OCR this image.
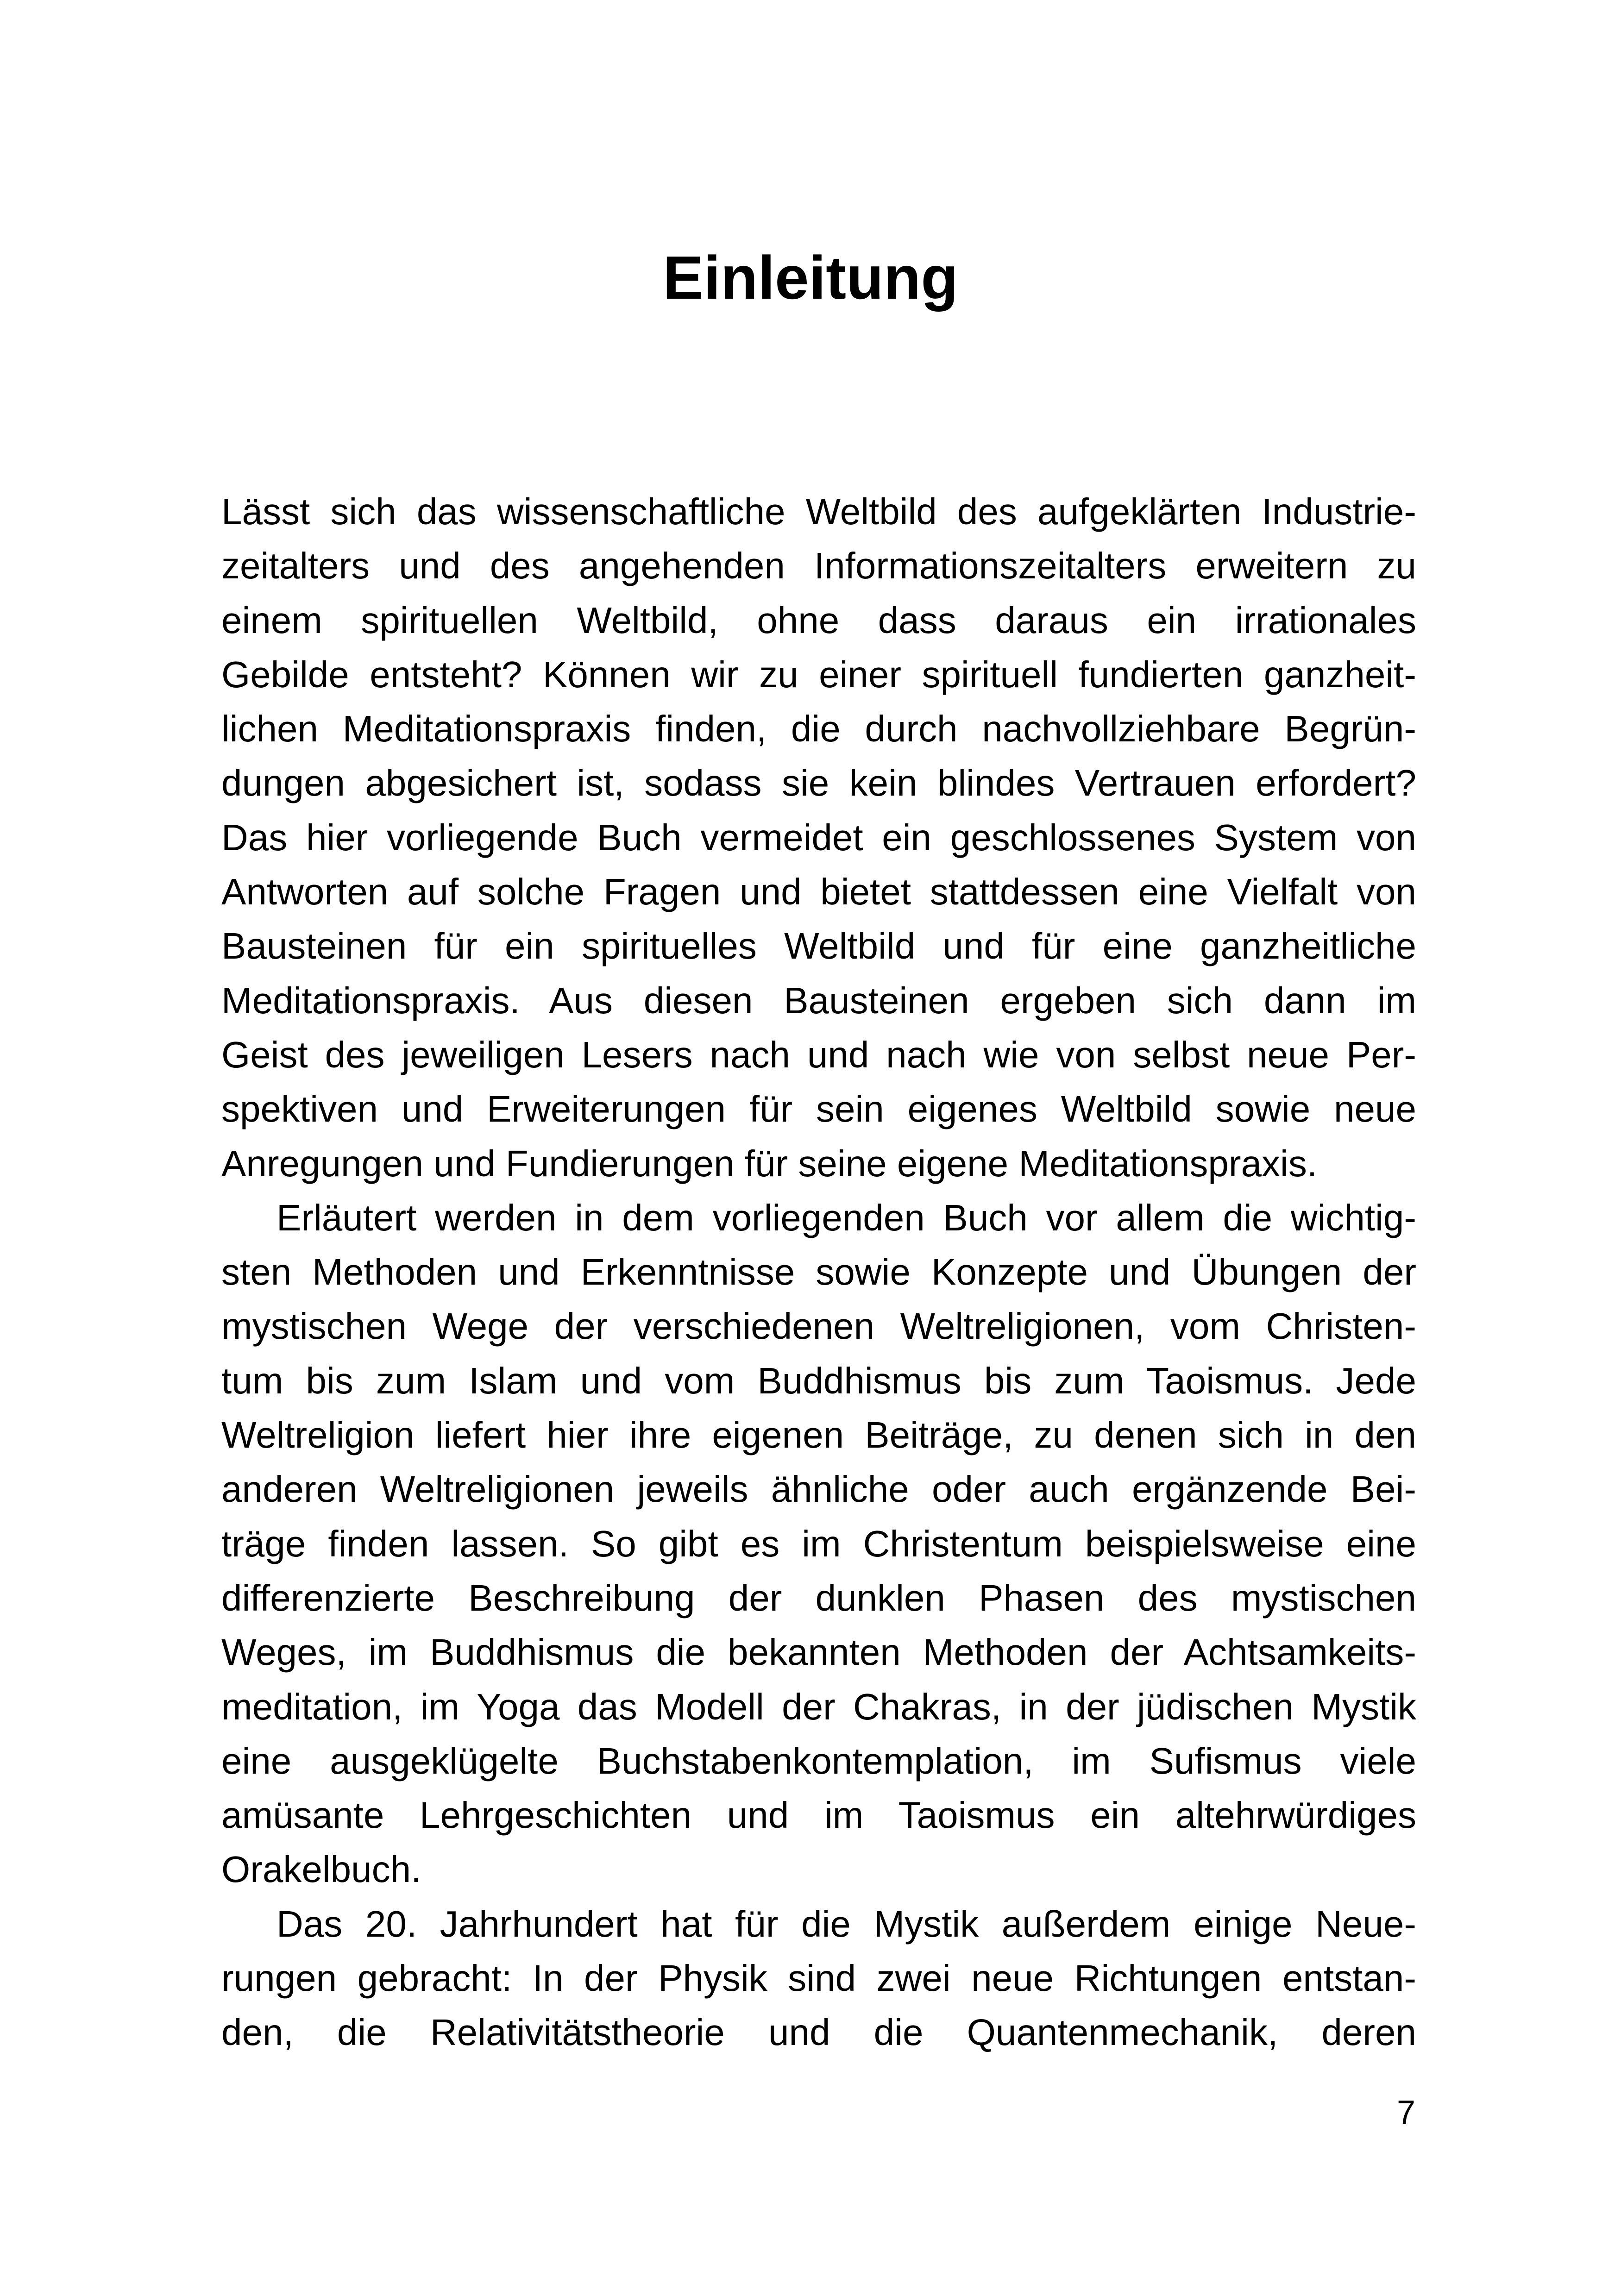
Einleitung
Lässt sich das wissenschaftliche Weltbild des aufgeklärten Industrie-
zeitalters und des angehenden Informationszeitalters erweitern zu
einem spirituellen Weltbild, ohne dass daraus ein irrationales
Gebilde entsteht? Können wir zu einer spirituell fundierten ganzheit-
lichen Meditationspraxis finden, die durch nachvollziehbare Begrün-
dungen abgesichert ist, sodass sie kein blindes Vertrauen erfordert?
Das hier vorliegende Buch vermeidet ein geschlossenes System von
Antworten auf solche Fragen und bietet stattdessen eine Vielfalt von
Bausteinen für ein spirituelles Weltbild und für eine ganzheitliche
Meditationspraxis. Aus diesen Bausteinen ergeben sich dann im
Geist des jeweiligen Lesers nach und nach wie von selbst neue Per-
spektiven und Erweiterungen für sein eigenes Weltbild sowie neue
Anregungen und Fundierungen für seine eigene Meditationspraxis.
Erläutert werden in dem vorliegenden Buch vor allem die wichtig-
sten Methoden und Erkenntnisse sowie Konzepte und Übungen der
mystischen Wege der verschiedenen Weltreligionen, vom Christen-
tum bis zum Islam und vom Buddhismus bis zum Taoismus. Jede
Weltreligion liefert hier ihre eigenen Beiträge, zu denen sich in den
anderen Weltreligionen jeweils ähnliche oder auch ergänzende Bei-
träge finden lassen. So gibt es im Christentum beispielsweise eine
differenzierte Beschreibung der dunklen Phasen des mystischen
Weges, im Buddhismus die bekannten Methoden der Achtsamkeits-
meditation, im Yoga das Modell der Chakras, in der jüdischen Mystik
eine ausgeklügelte Buchstabenkontemplation, im Sufismus viele
amüsante Lehrgeschichten und im Taoismus ein altehrwürdiges
Orakelbuch.
Das 20. Jahrhundert hat für die Mystik außerdem einige Neue-
rungen gebracht: In der Physik sind zwei neue Richtungen entstan-
den, die Relativitätstheorie und die Quantenmechanik, deren
7
